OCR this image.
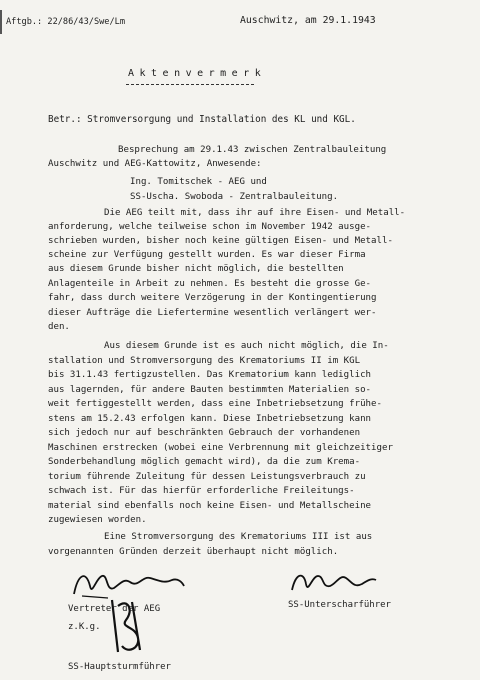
Aftgb.: 22/86/43/Swe/Lm	Auschwitz, am 29.1.1943
Aktenvermerk
Betr.: Stromversorgung und Installation des KL und KGL.
Besprechung am 29.1.43 zwischen Zentralbauleitung
Auschwitz und AEG-Kattowitz, Anwesende:
Ing. Tomitschek - AEG und
SS-Uscha. Swoboda - Zentralbauleitung.
Die AEG teilt mit, dass ihr auf ihre Eisen- und Metall-
anforderung, welche teilweise schon im November 1942 ausge-
schrieben wurden, bisher noch keine gültigen Eisen- und Metall-
scheine zur Verfügung gestellt wurden. Es war dieser Firma
aus diesem Grunde bisher nicht möglich, die bestellten
Anlagenteile in Arbeit zu nehmen. Es besteht die grosse Ge-
fahr, dass durch weitere Verzögerung in der Kontingentierung
dieser Aufträge die Liefertermine wesentlich verlängert wer-
den.
Aus diesem Grunde ist es auch nicht möglich, die In-
stallation und Stromversorgung des Krematoriums II im KGL
bis 31.1.43 fertigzustellen. Das Krematorium kann lediglich
aus lagernden, für andere Bauten bestimmten Materialien so-
weit fertiggestellt werden, dass eine Inbetriebsetzung frühe-
stens am 15.2.43 erfolgen kann. Diese Inbetriebsetzung kann
sich jedoch nur auf beschränkten Gebrauch der vorhandenen
Maschinen erstrecken (wobei eine Verbrennung mit gleichzeitiger
Sonderbehandlung möglich gemacht wird), da die zum Krema-
torium führende Zuleitung für dessen Leistungsverbrauch zu
schwach ist. Für das hierfür erforderliche Freileitungs-
material sind ebenfalls noch keine Eisen- und Metallscheine
zugewiesen worden.
Eine Stromversorgung des Krematoriums III ist aus
vorgenannten Gründen derzeit überhaupt nicht möglich.
Vertreter der AEG
z.K.g.
SS-Unterscharführer
SS-Hauptsturmführer
